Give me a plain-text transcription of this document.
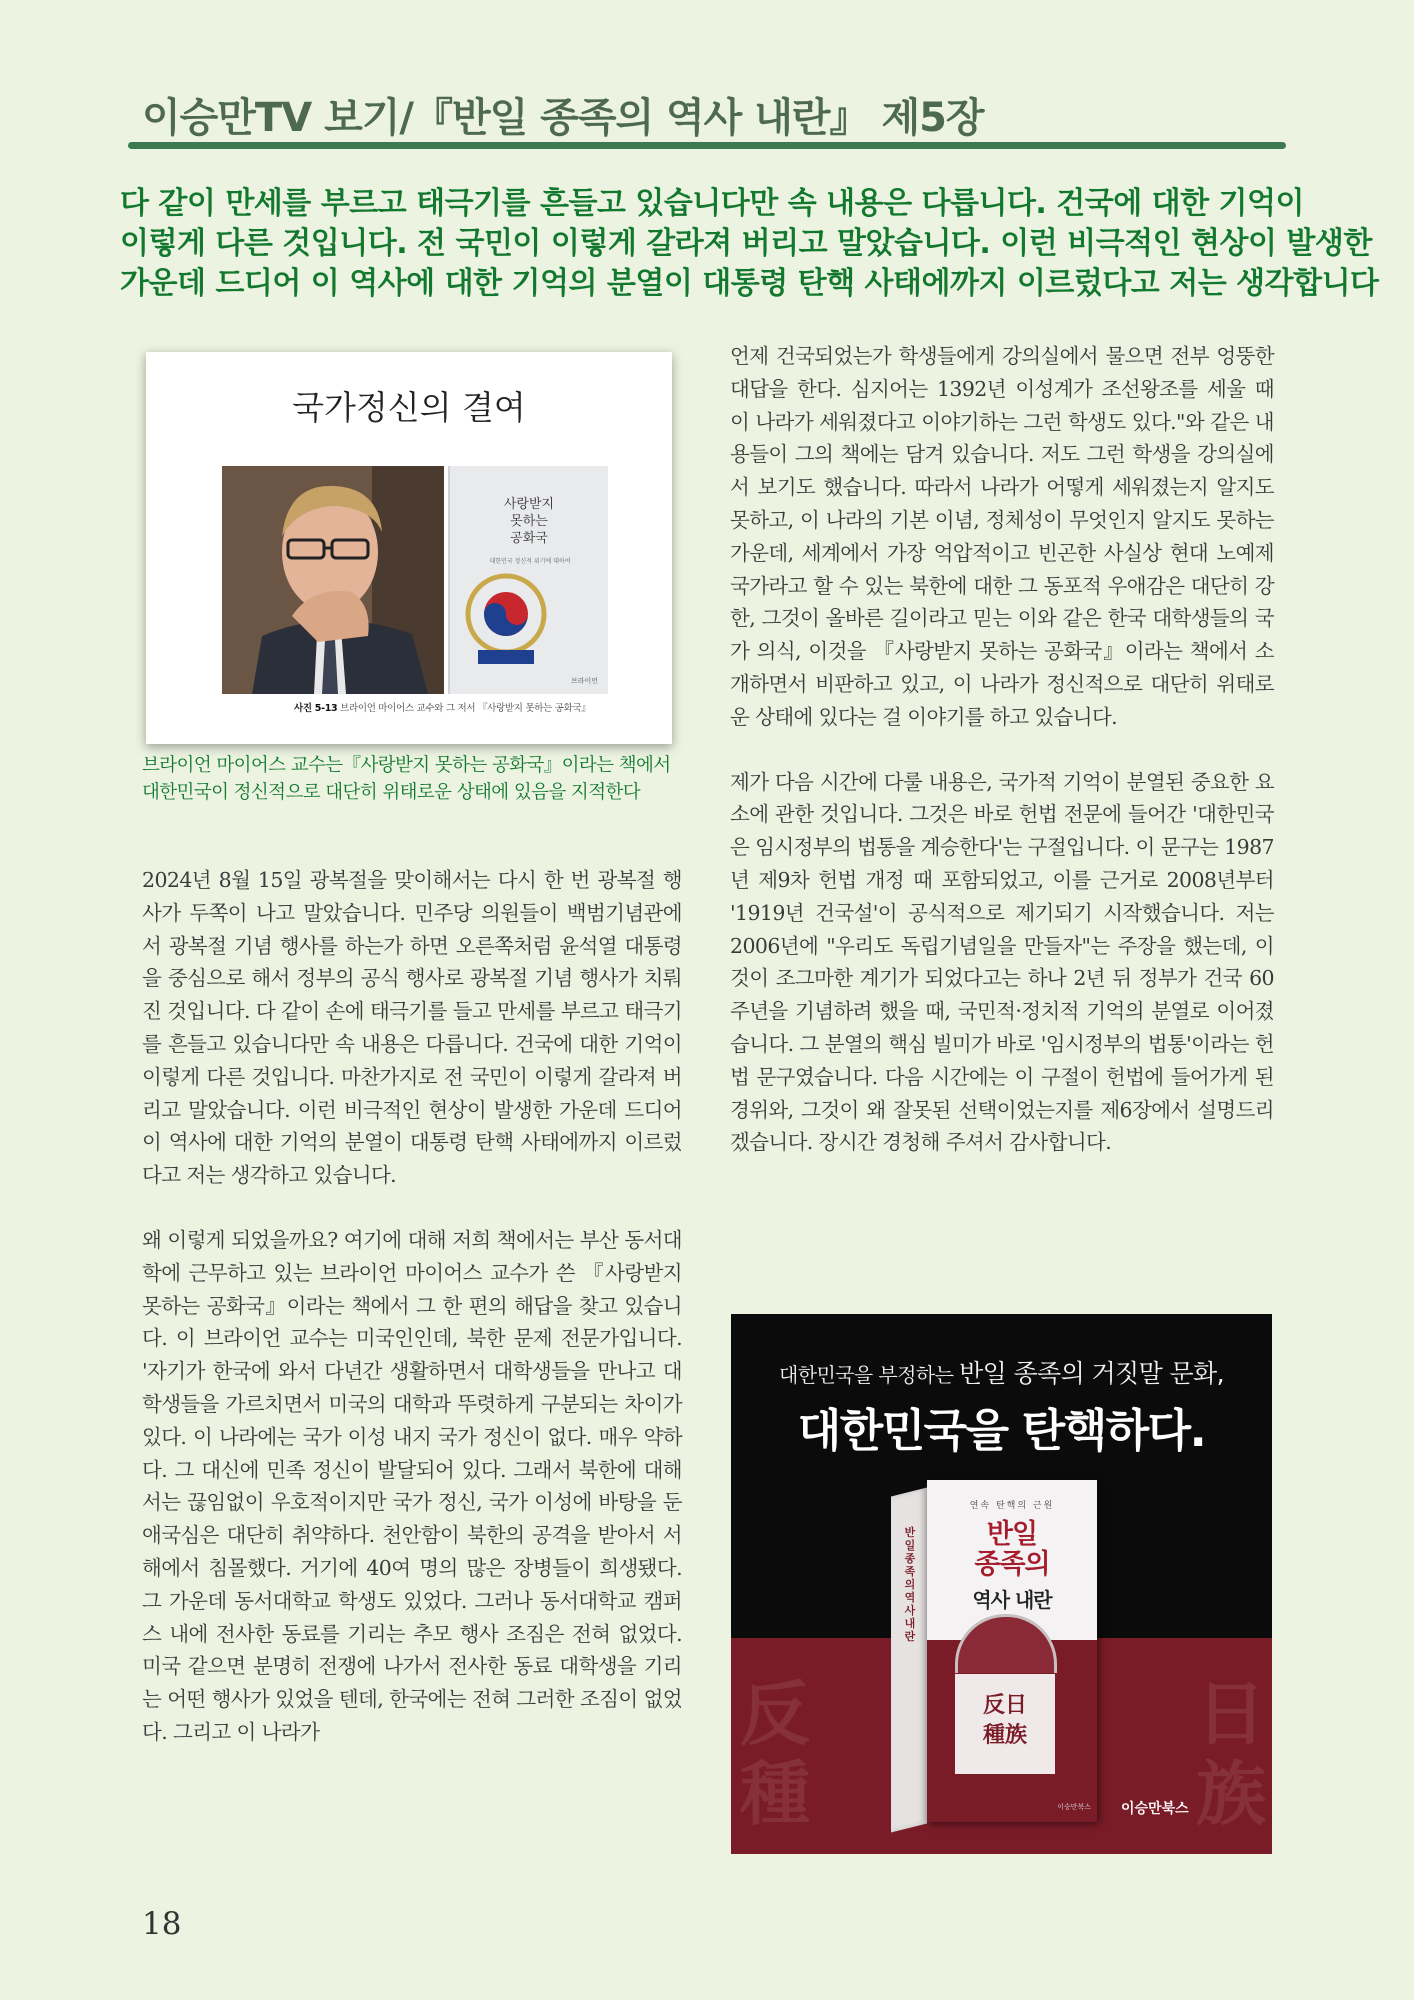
이승만TV 보기/『반일 종족의 역사 내란』 제5장
다 같이 만세를 부르고 태극기를 흔들고 있습니다만 속 내용은 다릅니다. 건국에 대한 기억이
이렇게 다른 것입니다. 전 국민이 이렇게 갈라져 버리고 말았습니다. 이런 비극적인 현상이 발생한
가운데 드디어 이 역사에 대한 기억의 분열이 대통령 탄핵 사태에까지 이르렀다고 저는 생각합니다
국가정신의 결여
사랑받지
못하는
공화국
대한민국 정신적 위기에 대하여
브라이언
사진 5-13 브라이언 마이어스 교수와 그 저서 『사랑받지 못하는 공화국』
브라이언 마이어스 교수는『사랑받지 못하는 공화국』이라는 책에서 대한민국이 정신적으로 대단히 위태로운 상태에 있음을 지적한다

2024년 8월 15일 광복절을 맞이해서는 다시 한 번 광복절 행사가 두쪽이 나고 말았습니다. 민주당 의원들이 백범기념관에서 광복절 기념 행사를 하는가 하면 오른쪽처럼 윤석열 대통령을 중심으로 해서 정부의 공식 행사로 광복절 기념 행사가 치뤄진 것입니다. 다 같이 손에 태극기를 들고 만세를 부르고 태극기를 흔들고 있습니다만 속 내용은 다릅니다. 건국에 대한 기억이 이렇게 다른 것입니다. 마찬가지로 전 국민이 이렇게 갈라져 버리고 말았습니다. 이런 비극적인 현상이 발생한 가운데 드디어 이 역사에 대한 기억의 분열이 대통령 탄핵 사태에까지 이르렀다고 저는 생각하고 있습니다.

왜 이렇게 되었을까요? 여기에 대해 저희 책에서는 부산 동서대학에 근무하고 있는 브라이언 마이어스 교수가 쓴 『사랑받지 못하는 공화국』이라는 책에서 그 한 편의 해답을 찾고 있습니다. 이 브라이언 교수는 미국인인데, 북한 문제 전문가입니다. '자기가 한국에 와서 다년간 생활하면서 대학생들을 만나고 대학생들을 가르치면서 미국의 대학과 뚜렷하게 구분되는 차이가 있다. 이 나라에는 국가 이성 내지 국가 정신이 없다. 매우 약하다. 그 대신에 민족 정신이 발달되어 있다. 그래서 북한에 대해서는 끊임없이 우호적이지만 국가 정신, 국가 이성에 바탕을 둔 애국심은 대단히 취약하다. 천안함이 북한의 공격을 받아서 서해에서 침몰했다. 거기에 40여 명의 많은 장병들이 희생됐다. 그 가운데 동서대학교 학생도 있었다. 그러나 동서대학교 캠퍼스 내에 전사한 동료를 기리는 추모 행사 조짐은 전혀 없었다. 미국 같으면 분명히 전쟁에 나가서 전사한 동료 대학생을 기리는 어떤 행사가 있었을 텐데, 한국에는 전혀 그러한 조짐이 없었다. 그리고 이 나라가

언제 건국되었는가 학생들에게 강의실에서 물으면 전부 엉뚱한 대답을 한다. 심지어는 1392년 이성계가 조선왕조를 세울 때 이 나라가 세워졌다고 이야기하는 그런 학생도 있다."와 같은 내용들이 그의 책에는 담겨 있습니다. 저도 그런 학생을 강의실에서 보기도 했습니다. 따라서 나라가 어떻게 세워졌는지 알지도 못하고, 이 나라의 기본 이념, 정체성이 무엇인지 알지도 못하는 가운데, 세계에서 가장 억압적이고 빈곤한 사실상 현대 노예제 국가라고 할 수 있는 북한에 대한 그 동포적 우애감은 대단히 강한, 그것이 올바른 길이라고 믿는 이와 같은 한국 대학생들의 국가 의식, 이것을 『사랑받지 못하는 공화국』이라는 책에서 소개하면서 비판하고 있고, 이 나라가 정신적으로 대단히 위태로운 상태에 있다는 걸 이야기를 하고 있습니다.

제가 다음 시간에 다룰 내용은, 국가적 기억이 분열된 중요한 요소에 관한 것입니다. 그것은 바로 헌법 전문에 들어간 '대한민국은 임시정부의 법통을 계승한다'는 구절입니다. 이 문구는 1987년 제9차 헌법 개정 때 포함되었고, 이를 근거로 2008년부터 '1919년 건국설'이 공식적으로 제기되기 시작했습니다. 저는 2006년에 "우리도 독립기념일을 만들자"는 주장을 했는데, 이것이 조그마한 계기가 되었다고는 하나 2년 뒤 정부가 건국 60주년을 기념하려 했을 때, 국민적·정치적 기억의 분열로 이어졌습니다. 그 분열의 핵심 빌미가 바로 '임시정부의 법통'이라는 헌법 문구였습니다. 다음 시간에는 이 구절이 헌법에 들어가게 된 경위와, 그것이 왜 잘못된 선택이었는지를 제6장에서 설명드리겠습니다. 장시간 경청해 주셔서 감사합니다.

反種
日族
대한민국을 부정하는 반일 종족의 거짓말 문화,
대한민국을 탄핵하다.
반일종족의 역사내란
연속 탄핵의 근원
반일
종족의
역사 내란
反日
種族
이승만북스 이승만북스
18
